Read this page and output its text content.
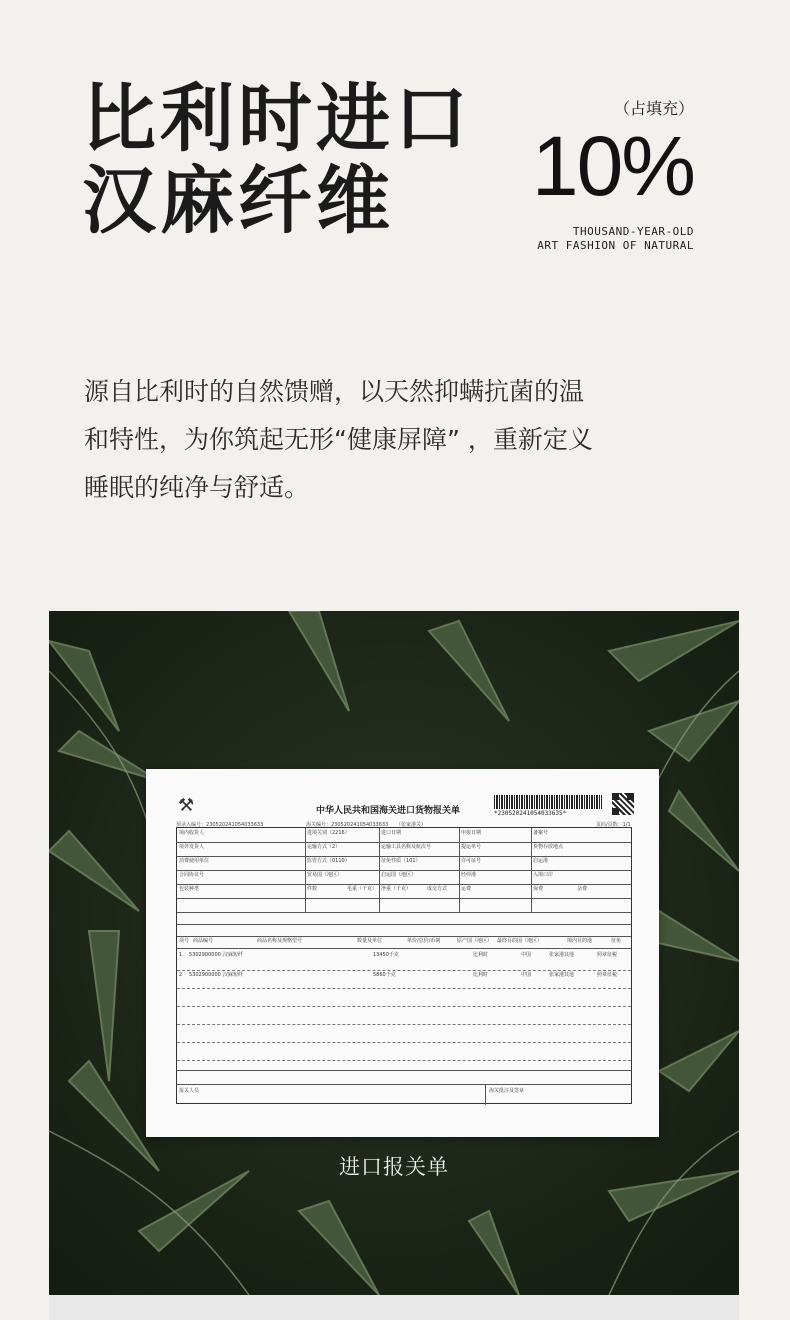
比利时进口
汉麻纤维
（占填充）
10%
THOUSAND-YEAR-OLD
ART FASHION OF NATURAL
源自比利时的自然馈赠，以天然抑螨抗菌的温
和特性，为你筑起无形“健康屏障” ，重新定义
睡眠的纯净与舒适。
⚒	中华人民共和国海关进口货物报关单	*230520241054033635*
预录入编号：230520241054033633	海关编号：230520241054033633 （张家港关）	页码/页数：1/1
境内收货人	进境关别（2216）	进口日期	申报日期	备案号
境外发货人	运输方式（2）	运输工具名称及航次号	提运单号	货物存放地点
消费使用单位	监管方式（0110）	征免性质（101）	许可证号	启运港
合同协议号	贸易国（地区）	启运国（地区）	经停港	入境口岸
包装种类	件数	毛重（千克） 净重（千克）	成交方式	运费	保费	杂费
项号 商品编号	商品名称及规格型号	数量及单位	单价/总价/币制	原产国（地区） 最终目的国（地区）	境内目的地	征免
1 5302900000 汉麻短纤	13450千克	比利时	中国	张家港其他	照章征税
2 5302900000 汉麻短纤	5860千克	比利时	中国	张家港其他	照章征税
报关人员	海关批注及签章
进口报关单
